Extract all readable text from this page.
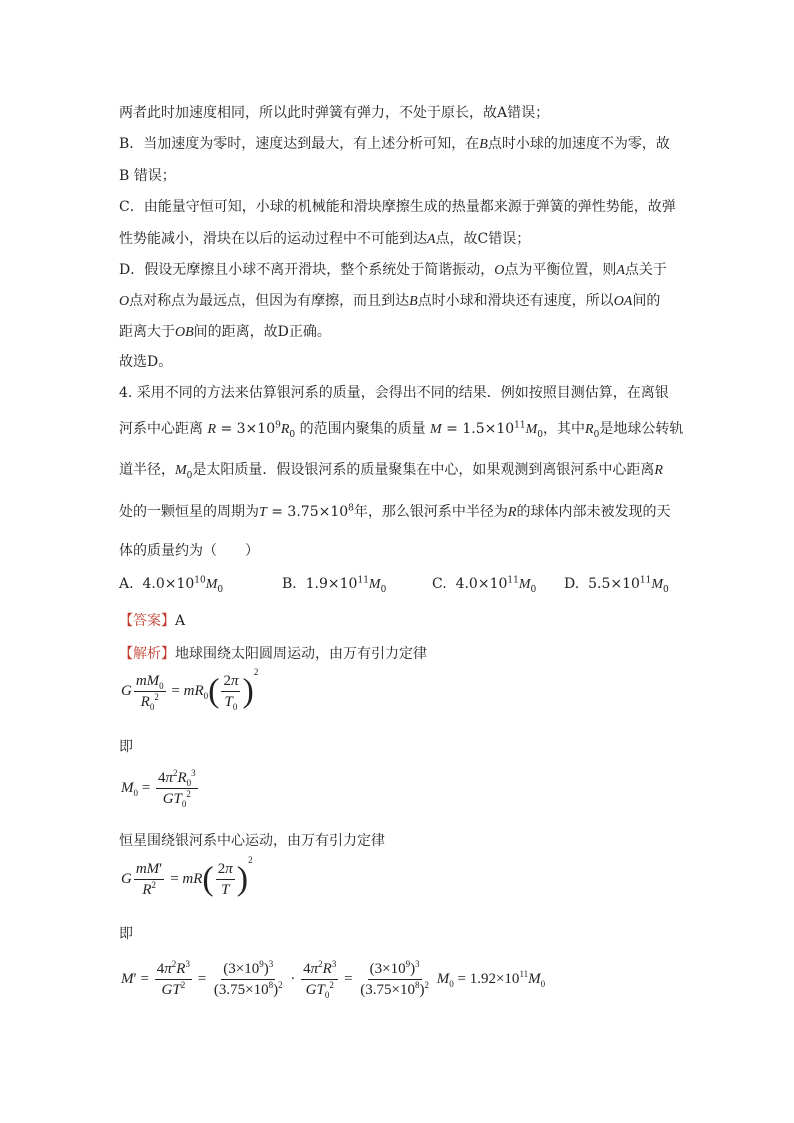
两者此时加速度相同，所以此时弹簧有弹力，不处于原长，故A错误；
B．当加速度为零时，速度达到最大，有上述分析可知，在B点时小球的加速度不为零，故
B 错误；
C．由能量守恒可知，小球的机械能和滑块摩擦生成的热量都来源于弹簧的弹性势能，故弹
性势能减小，滑块在以后的运动过程中不可能到达A点，故C错误；
D．假设无摩擦且小球不离开滑块，整个系统处于简谐振动，O点为平衡位置，则A点关于
O点对称点为最远点，但因为有摩擦，而且到达B点时小球和滑块还有速度，所以OA间的
距离大于OB间的距离，故D正确。
故选D。
4. 采用不同的方法来估算银河系的质量，会得出不同的结果．例如按照目测估算，在离银
河系中心距离 $R = 3\times 10^9R_0$ 的范围内聚集的质量 $M = 1.5\times 10^{11}M_0$，其中$R_0$是地球公转轨
道半径，$M_0$是太阳质量．假设银河系的质量聚集在中心，如果观测到离银河系中心距离R
处的一颗恒星的周期为$T = 3.75\times 10^8$年，那么银河系中半径为R的球体内部未被发现的天
体的质量约为（　　）
A.  $4.0\times 10^{10}M_0$	B.  $1.9\times 10^{11}M_0$	C.  $4.0\times 10^{11}M_0$ D.  $5.5\times 10^{11}M_0$
【答案】A
【解析】地球围绕太阳圆周运动，由万有引力定律
G $\frac{mM_0}{R_0^2} = mR_0( \frac{2\pi}{T_0} )^2$
即
$M_0 = \frac{4\pi^2R_0^3}{GT_0^2}$
恒星围绕银河系中心运动，由万有引力定律
G $\frac{mM'}{R^2} = mR( \frac{2\pi}{T} )^2$
即
$M' = \frac{4\pi^2R^3}{GT^2} = \frac{(3\times 10^9)^3}{(3.75\times 10^8)^2} \cdot \frac{4\pi^2R^3}{GT_0^2} = \frac{(3\times 10^9)^3}{(3.75\times 10^8)^2} M_0 = 1.92\times 10^{11}M_0$
